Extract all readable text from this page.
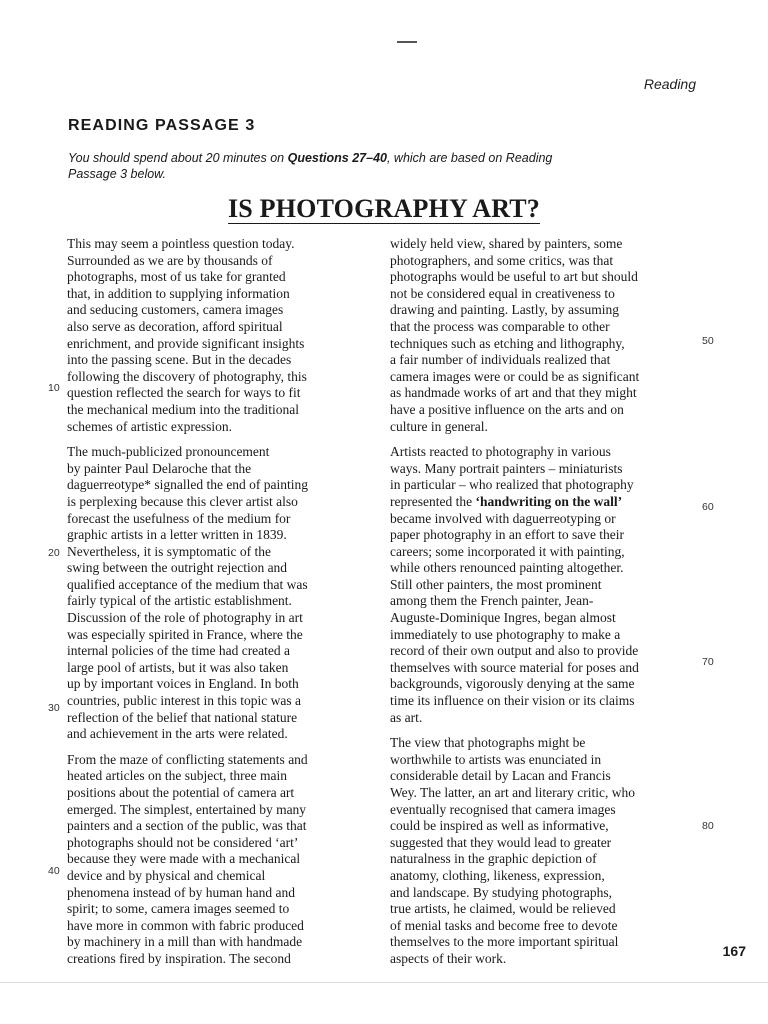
Reading
READING PASSAGE 3
You should spend about 20 minutes on Questions 27–40, which are based on Reading
Passage 3 below.
IS PHOTOGRAPHY ART?

This may seem a pointless question today.
Surrounded as we are by thousands of
photographs, most of us take for granted
that, in addition to supplying information
and seducing customers, camera images
also serve as decoration, afford spiritual
enrichment, and provide significant insights
into the passing scene. But in the decades
following the discovery of photography, this
question reflected the search for ways to fit
the mechanical medium into the traditional
schemes of artistic expression.

The much-publicized pronouncement
by painter Paul Delaroche that the
daguerreotype* signalled the end of painting
is perplexing because this clever artist also
forecast the usefulness of the medium for
graphic artists in a letter written in 1839.
Nevertheless, it is symptomatic of the
swing between the outright rejection and
qualified acceptance of the medium that was
fairly typical of the artistic establishment.
Discussion of the role of photography in art
was especially spirited in France, where the
internal policies of the time had created a
large pool of artists, but it was also taken
up by important voices in England. In both
countries, public interest in this topic was a
reflection of the belief that national stature
and achievement in the arts were related.

From the maze of conflicting statements and
heated articles on the subject, three main
positions about the potential of camera art
emerged. The simplest, entertained by many
painters and a section of the public, was that
photographs should not be considered ‘art’
because they were made with a mechanical
device and by physical and chemical
phenomena instead of by human hand and
spirit; to some, camera images seemed to
have more in common with fabric produced
by machinery in a mill than with handmade
creations fired by inspiration. The second

widely held view, shared by painters, some
photographers, and some critics, was that
photographs would be useful to art but should
not be considered equal in creativeness to
drawing and painting. Lastly, by assuming
that the process was comparable to other
techniques such as etching and lithography,
a fair number of individuals realized that
camera images were or could be as significant
as handmade works of art and that they might
have a positive influence on the arts and on
culture in general.

Artists reacted to photography in various
ways. Many portrait painters – miniaturists
in particular – who realized that photography
represented the ‘handwriting on the wall’
became involved with daguerreotyping or
paper photography in an effort to save their
careers; some incorporated it with painting,
while others renounced painting altogether.
Still other painters, the most prominent
among them the French painter, Jean-
Auguste-Dominique Ingres, began almost
immediately to use photography to make a
record of their own output and also to provide
themselves with source material for poses and
backgrounds, vigorously denying at the same
time its influence on their vision or its claims
as art.

The view that photographs might be
worthwhile to artists was enunciated in
considerable detail by Lacan and Francis
Wey. The latter, an art and literary critic, who
eventually recognised that camera images
could be inspired as well as informative,
suggested that they would lead to greater
naturalness in the graphic depiction of
anatomy, clothing, likeness, expression,
and landscape. By studying photographs,
true artists, he claimed, would be relieved
of menial tasks and become free to devote
themselves to the more important spiritual
aspects of their work.

10
20
30
40
50
60
70
80
167
